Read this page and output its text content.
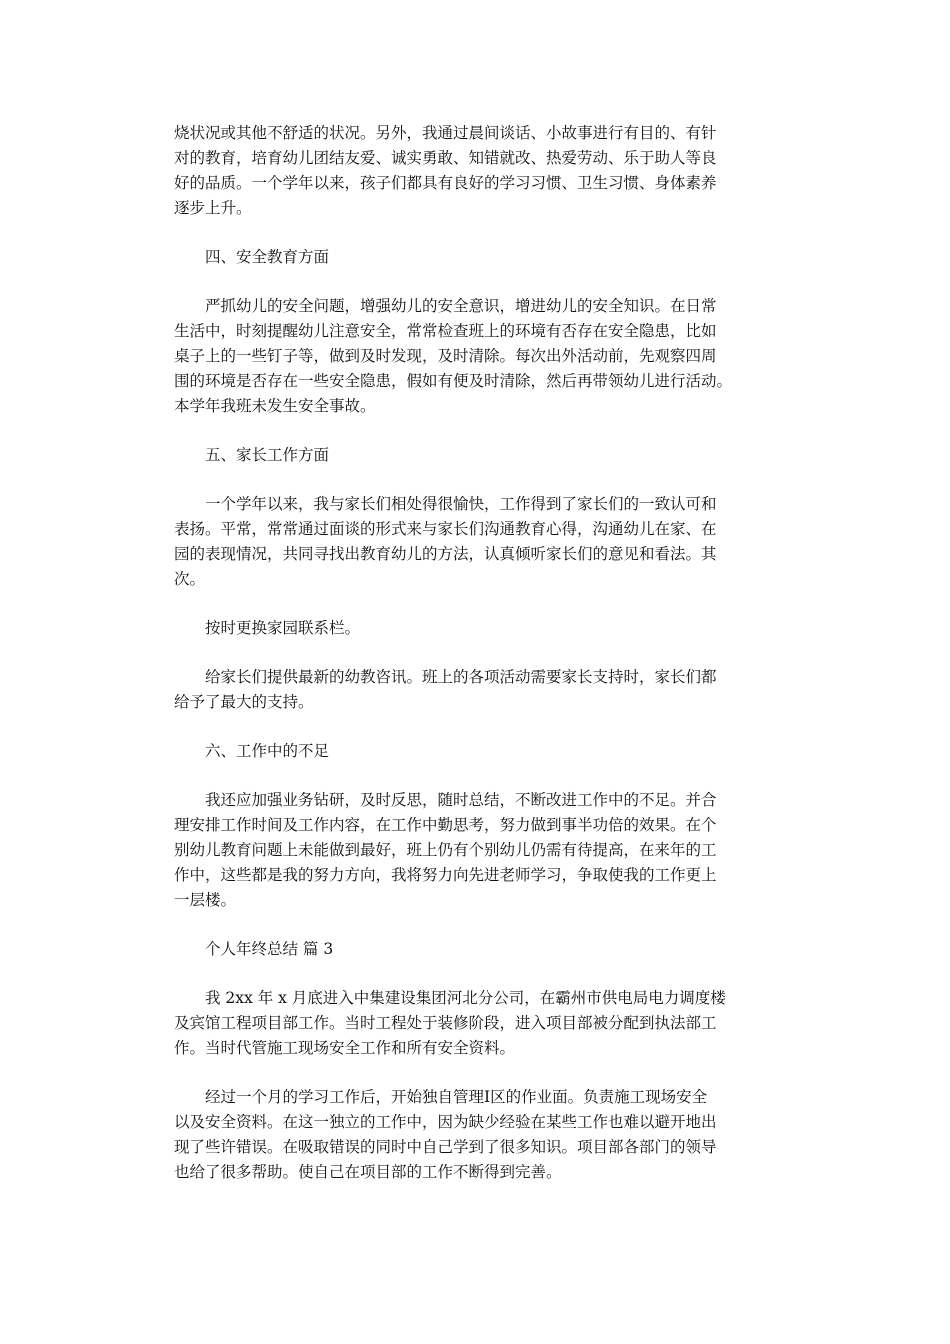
烧状况或其他不舒适的状况。另外，我通过晨间谈话、小故事进行有目的、有针
对的教育，培育幼儿团结友爱、诚实勇敢、知错就改、热爱劳动、乐于助人等良
好的品质。一个学年以来，孩子们都具有良好的学习习惯、卫生习惯、身体素养
逐步上升。
四、安全教育方面
严抓幼儿的安全问题，增强幼儿的安全意识，增进幼儿的安全知识。在日常
生活中，时刻提醒幼儿注意安全，常常检查班上的环境有否存在安全隐患，比如
桌子上的一些钉子等，做到及时发现，及时清除。每次出外活动前，先观察四周
围的环境是否存在一些安全隐患，假如有便及时清除，然后再带领幼儿进行活动。
本学年我班未发生安全事故。
五、家长工作方面
一个学年以来，我与家长们相处得很愉快，工作得到了家长们的一致认可和
表扬。平常，常常通过面谈的形式来与家长们沟通教育心得，沟通幼儿在家、在
园的表现情况，共同寻找出教育幼儿的方法，认真倾听家长们的意见和看法。其
次。
按时更换家园联系栏。
给家长们提供最新的幼教咨讯。班上的各项活动需要家长支持时，家长们都
给予了最大的支持。
六、工作中的不足
我还应加强业务钻研，及时反思，随时总结，不断改进工作中的不足。并合
理安排工作时间及工作内容，在工作中勤思考，努力做到事半功倍的效果。在个
别幼儿教育问题上未能做到最好，班上仍有个别幼儿仍需有待提高，在来年的工
作中，这些都是我的努力方向，我将努力向先进老师学习，争取使我的工作更上
一层楼。
个人年终总结 篇 3
我 2xx 年 x 月底进入中集建设集团河北分公司，在霸州市供电局电力调度楼
及宾馆工程项目部工作。当时工程处于装修阶段，进入项目部被分配到执法部工
作。当时代管施工现场安全工作和所有安全资料。
经过一个月的学习工作后，开始独自管理Ⅰ区的作业面。负责施工现场安全
以及安全资料。在这一独立的工作中，因为缺少经验在某些工作也难以避开地出
现了些许错误。在吸取错误的同时中自己学到了很多知识。项目部各部门的领导
也给了很多帮助。使自己在项目部的工作不断得到完善。
